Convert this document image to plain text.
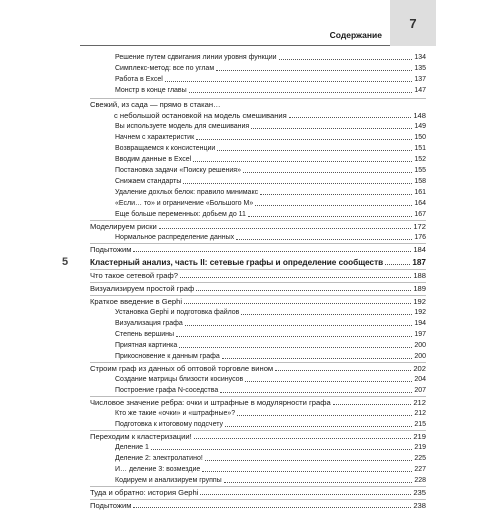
Содержание
7
Решение путем сдвигания линии уровня функции	134
Симплекс-метод: все по углам	135
Работа в Excel	137
Монстр в конце главы	147
Свежий, из сада — прямо в стакан…
с небольшой остановкой на модель смешивания	148
Вы используете модель для смешивания	149
Начнем с характеристик	150
Возвращаемся к консистенции	151
Вводим данные в Excel	152
Постановка задачи «Поиску решения»	155
Снижаем стандарты	158
Удаление дохлых белок: правило минимакс	161
«Если… то» и ограничение «Большого М»	164
Еще больше переменных: добьем до 11	167
Моделируем риски	172
Нормальное распределение данных	176
Подытожим	184
5	Кластерный анализ, часть II: сетевые графы и определение сообществ	187
Что такое сетевой граф?	188
Визуализируем простой граф	189
Краткое введение в Gephi	192
Установка Gephi и подготовка файлов	192
Визуализация графа	194
Степень вершины	197
Приятная картинка	200
Прикосновение к данным графа	200
Строим граф из данных об оптовой торговле вином	202
Создание матрицы близости косинусов	204
Построение графа N-соседства	207
Числовое значение ребра: очки и штрафные в модулярности графа	212
Кто же такие «очки» и «штрафные»?	212
Подготовка к итоговому подсчету	215
Переходим к кластеризации!	219
Деление 1	219
Деление 2: электролатино!	225
И… деление 3: возмездие	227
Кодируем и анализируем группы	228
Туда и обратно: история Gephi	235
Подытожим	238
